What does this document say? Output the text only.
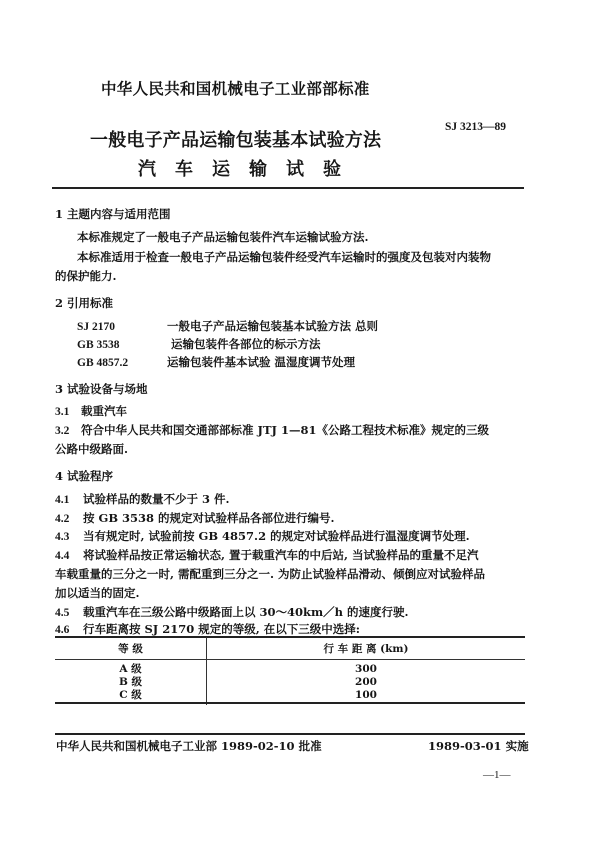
中华人民共和国机械电子工业部部标准
SJ 3213—89
一般电子产品运输包装基本试验方法
汽车运输试验
1 主题内容与适用范围
本标准规定了一般电子产品运输包装件汽车运输试验方法.
本标准适用于检查一般电子产品运输包装件经受汽车运输时的强度及包装对内装物
的保护能力.
2 引用标准
SJ 2170	一般电子产品运输包装基本试验方法 总则
GB 3538	运输包装件各部位的标示方法
GB 4857.2	运输包装件基本试验 温湿度调节处理
3 试验设备与场地
3.1 载重汽车
3.2 符合中华人民共和国交通部部标准 JTJ 1—81《公路工程技术标准》规定的三级
公路中级路面.
4 试验程序
4.1 试验样品的数量不少于 3 件.
4.2 按 GB 3538 的规定对试验样品各部位进行编号.
4.3 当有规定时, 试验前按 GB 4857.2 的规定对试验样品进行温湿度调节处理.
4.4 将试验样品按正常运输状态, 置于载重汽车的中后站, 当试验样品的重量不足汽
车载重量的三分之一时, 需配重到三分之一. 为防止试验样品滑动、倾倒应对试验样品
加以适当的固定.
4.5 载重汽车在三级公路中级路面上以 30～40km／h 的速度行驶.
4.6 行车距离按 SJ 2170 规定的等级, 在以下三级中选择:
等 级	行 车 距 离 (km)
A 级	300
B 级	200
C 级	100
中华人民共和国机械电子工业部 1989-02-10 批准	1989-03-01 实施
—1—
